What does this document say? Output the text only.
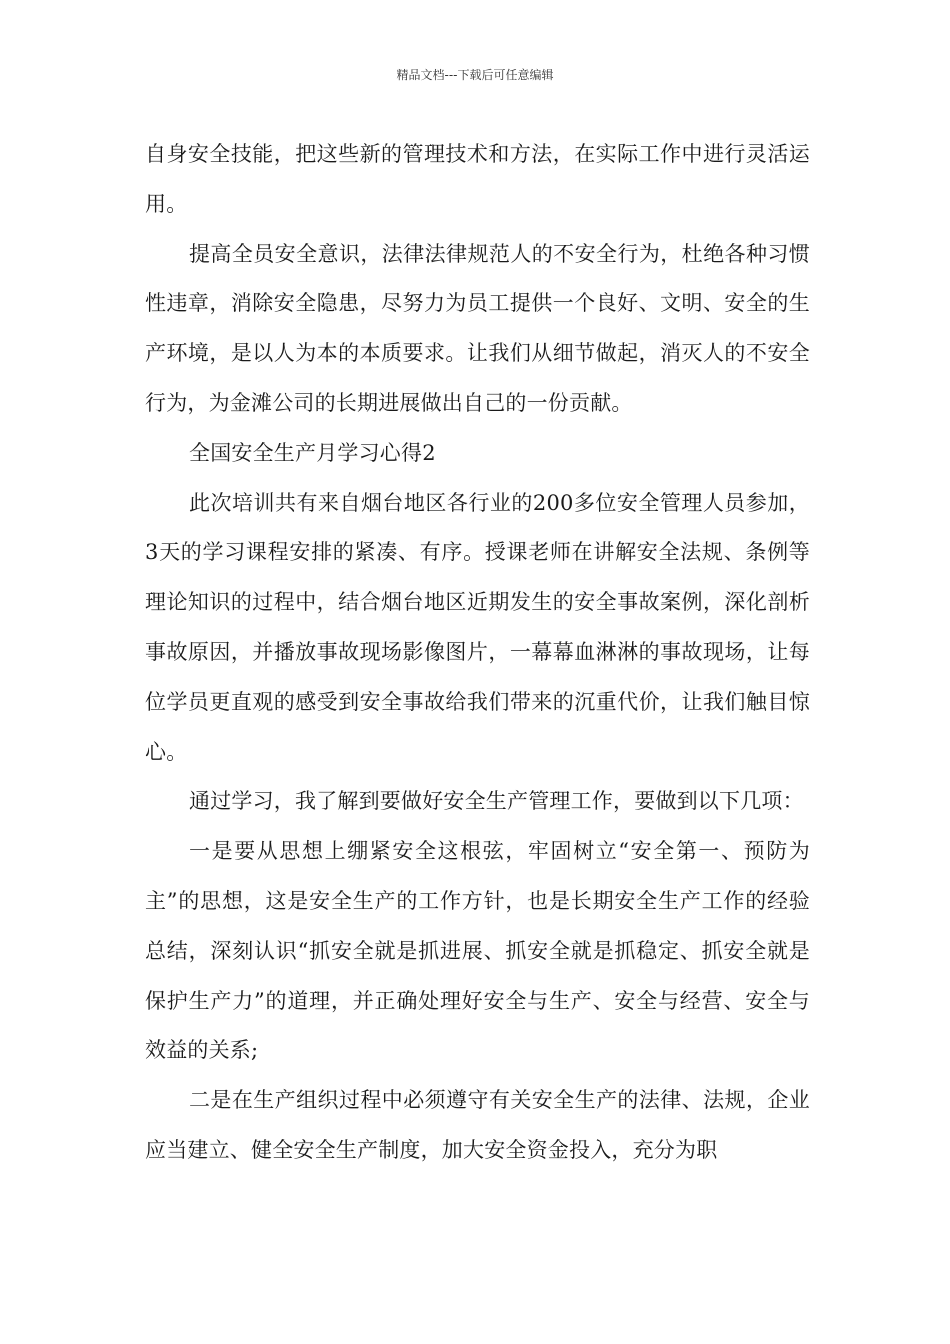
精品文档---下载后可任意编辑

自身安全技能，把这些新的管理技术和方法，在实际工作中进行灵活运用。

提高全员安全意识，法律法律规范人的不安全行为，杜绝各种习惯性违章，消除安全隐患，尽努力为员工提供一个良好、文明、安全的生产环境，是以人为本的本质要求。让我们从细节做起，消灭人的不安全行为，为金滩公司的长期进展做出自己的一份贡献。

全国安全生产月学习心得2

此次培训共有来自烟台地区各行业的200多位安全管理人员参加，3天的学习课程安排的紧凑、有序。授课老师在讲解安全法规、条例等理论知识的过程中，结合烟台地区近期发生的安全事故案例，深化剖析事故原因，并播放事故现场影像图片，一幕幕血淋淋的事故现场，让每位学员更直观的感受到安全事故给我们带来的沉重代价，让我们触目惊心。

通过学习，我了解到要做好安全生产管理工作，要做到以下几项：

一是要从思想上绷紧安全这根弦，牢固树立“安全第一、预防为主”的思想，这是安全生产的工作方针，也是长期安全生产工作的经验总结，深刻认识“抓安全就是抓进展、抓安全就是抓稳定、抓安全就是保护生产力”的道理，并正确处理好安全与生产、安全与经营、安全与效益的关系;

二是在生产组织过程中必须遵守有关安全生产的法律、法规，企业应当建立、健全安全生产制度，加大安全资金投入，充分为职
